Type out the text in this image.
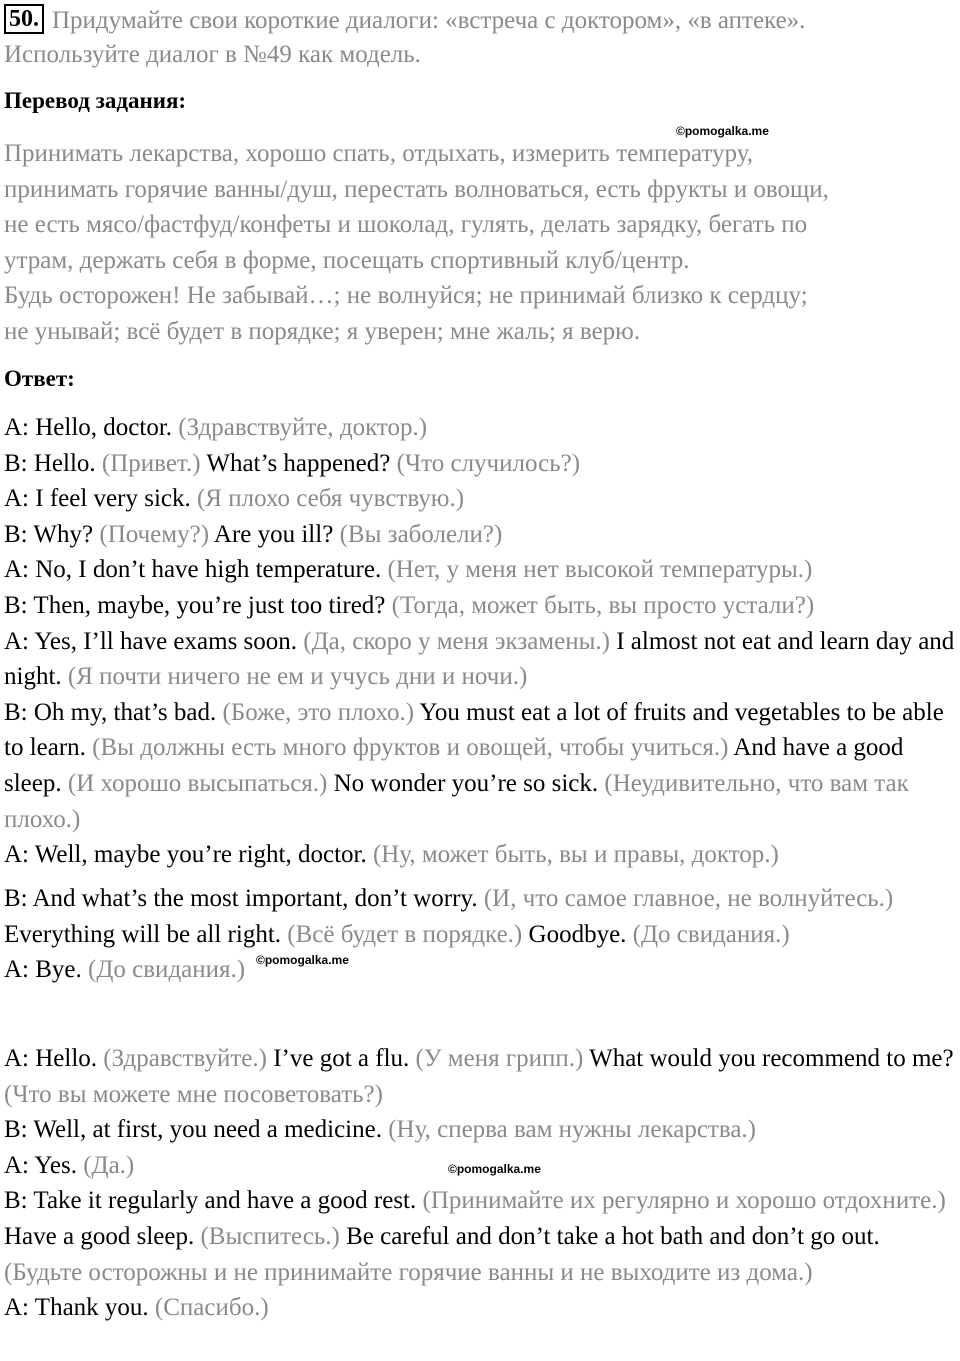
50. Придумайте свои короткие диалоги: «встреча с доктором», «в аптеке».
Используйте диалог в №49 как модель.
Перевод задания:
©pomogalka.me
Принимать лекарства, хорошо спать, отдыхать, измерить температуру,
принимать горячие ванны/душ, перестать волноваться, есть фрукты и овощи,
не есть мясо/фастфуд/конфеты и шоколад, гулять, делать зарядку, бегать по
утрам, держать себя в форме, посещать спортивный клуб/центр.
Будь осторожен! Не забывай…; не волнуйся; не принимай близко к сердцу;
не унывай; всё будет в порядке; я уверен; мне жаль; я верю.
Ответ:
A: Hello, doctor. (Здравствуйте, доктор.)
B: Hello. (Привет.) What’s happened? (Что случилось?)
A: I feel very sick. (Я плохо себя чувствую.)
B: Why? (Почему?) Are you ill? (Вы заболели?)
A: No, I don’t have high temperature. (Нет, у меня нет высокой температуры.)
B: Then, maybe, you’re just too tired? (Тогда, может быть, вы просто устали?)
A: Yes, I’ll have exams soon. (Да, скоро у меня экзамены.) I almost not eat and learn day and night. (Я почти ничего не ем и учусь дни и ночи.)
B: Oh my, that’s bad. (Боже, это плохо.) You must eat a lot of fruits and vegetables to be able to learn. (Вы должны есть много фруктов и овощей, чтобы учиться.) And have a good sleep. (И хорошо высыпаться.) No wonder you’re so sick. (Неудивительно, что вам так плохо.)
A: Well, maybe you’re right, doctor. (Ну, может быть, вы и правы, доктор.)
B: And what’s the most important, don’t worry. (И, что самое главное, не волнуйтесь.) Everything will be all right. (Всё будет в порядке.) Goodbye. (До свидания.)
A: Bye. (До свидания.) ©pomogalka.me
A: Hello. (Здравствуйте.) I’ve got a flu. (У меня грипп.) What would you recommend to me? (Что вы можете мне посоветовать?)
B: Well, at first, you need a medicine. (Ну, сперва вам нужны лекарства.)
A: Yes. (Да.)
B: Take it regularly and have a good rest. (Принимайте их регулярно и хорошо отдохните.) Have a good sleep. (Выспитесь.) Be careful and don’t take a hot bath and don’t go out. (Будьте осторожны и не принимайте горячие ванны и не выходите из дома.)
A: Thank you. (Спасибо.)
©pomogalka.me
